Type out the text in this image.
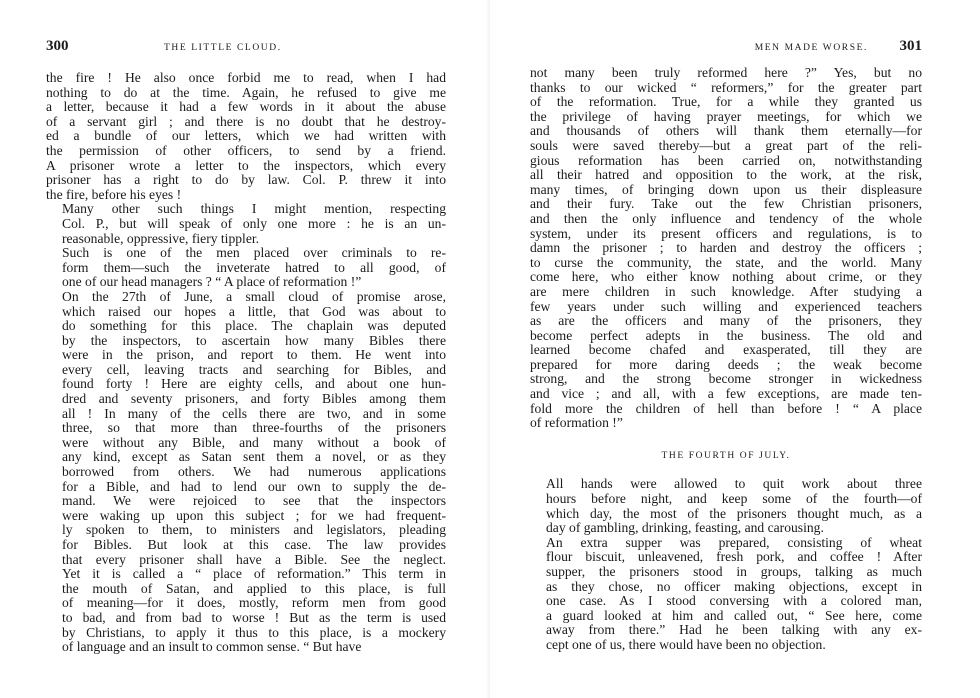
300	THE LITTLE CLOUD.

the fire ! He also once forbid me to read, when I had
nothing to do at the time. Again, he refused to give me
a letter, because it had a few words in it about the abuse
of a servant girl ; and there is no doubt that he destroy-
ed a bundle of our letters, which we had written with
the permission of other officers, to send by a friend.
A prisoner wrote a letter to the inspectors, which every
prisoner has a right to do by law. Col. P. threw it into
the fire, before his eyes !

Many other such things I might mention, respecting
Col. P., but will speak of only one more : he is an un-
reasonable, oppressive, fiery tippler.

Such is one of the men placed over criminals to re-
form them—such the inveterate hatred to all good, of
one of our head managers ? “ A place of reformation !”

On the 27th of June, a small cloud of promise arose,
which raised our hopes a little, that God was about to
do something for this place. The chaplain was deputed
by the inspectors, to ascertain how many Bibles there
were in the prison, and report to them. He went into
every cell, leaving tracts and searching for Bibles, and
found forty ! Here are eighty cells, and about one hun-
dred and seventy prisoners, and forty Bibles among them
all ! In many of the cells there are two, and in some
three, so that more than three-fourths of the prisoners
were without any Bible, and many without a book of
any kind, except as Satan sent them a novel, or as they
borrowed from others. We had numerous applications
for a Bible, and had to lend our own to supply the de-
mand. We were rejoiced to see that the inspectors
were waking up upon this subject ; for we had frequent-
ly spoken to them, to ministers and legislators, pleading
for Bibles. But look at this case. The law provides
that every prisoner shall have a Bible. See the neglect.
Yet it is called a “ place of reformation.” This term in
the mouth of Satan, and applied to this place, is full
of meaning—for it does, mostly, reform men from good
to bad, and from bad to worse ! But as the term is used
by Christians, to apply it thus to this place, is a mockery
of language and an insult to common sense. “ But have

MEN MADE WORSE. 301

not many been truly reformed here ?” Yes, but no
thanks to our wicked “ reformers,” for the greater part
of the reformation. True, for a while they granted us
the privilege of having prayer meetings, for which we
and thousands of others will thank them eternally—for
souls were saved thereby—but a great part of the reli-
gious reformation has been carried on, notwithstanding
all their hatred and opposition to the work, at the risk,
many times, of bringing down upon us their displeasure
and their fury. Take out the few Christian prisoners,
and then the only influence and tendency of the whole
system, under its present officers and regulations, is to
damn the prisoner ; to harden and destroy the officers ;
to curse the community, the state, and the world. Many
come here, who either know nothing about crime, or they
are mere children in such knowledge. After studying a
few years under such willing and experienced teachers
as are the officers and many of the prisoners, they
become perfect adepts in the business. The old and
learned become chafed and exasperated, till they are
prepared for more daring deeds ; the weak become
strong, and the strong become stronger in wickedness
and vice ; and all, with a few exceptions, are made ten-
fold more the children of hell than before ! “ A place
of reformation !”

THE FOURTH OF JULY.

All hands were allowed to quit work about three
hours before night, and keep some of the fourth—of
which day, the most of the prisoners thought much, as a
day of gambling, drinking, feasting, and carousing.

An extra supper was prepared, consisting of wheat
flour biscuit, unleavened, fresh pork, and coffee ! After
supper, the prisoners stood in groups, talking as much
as they chose, no officer making objections, except in
one case. As I stood conversing with a colored man,
a guard looked at him and called out, “ See here, come
away from there.” Had he been talking with any ex-
cept one of us, there would have been no objection.
